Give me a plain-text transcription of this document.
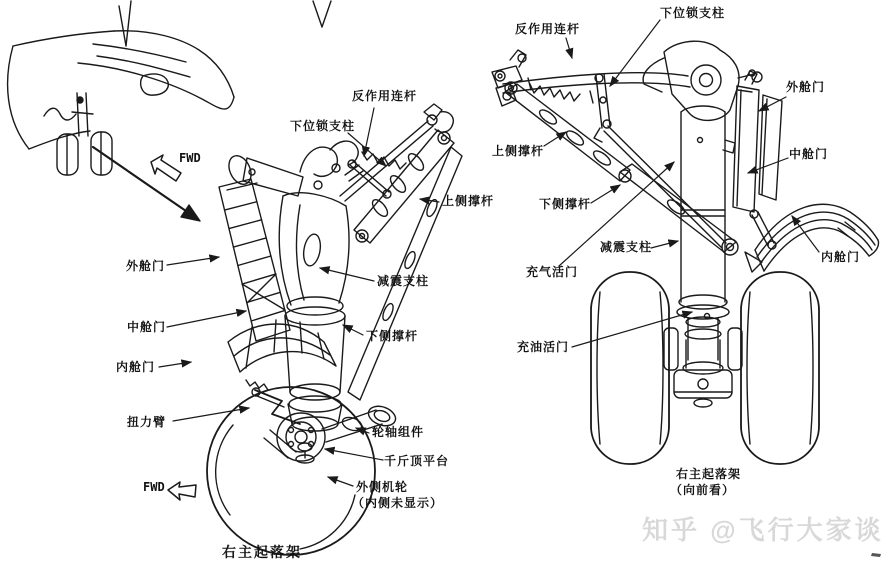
反作用连杆
下位锁支柱
上侧撑杆
外舱门
中舱门
内舱门
减震支柱
下侧撑杆
扭力臂
轮轴组件
千斤顶平台
外侧机轮
（内侧未显示）
右主起落架
FWD
FWD
下位锁支柱
反作用连杆
外舱门
上侧撑杆	中舱门
下侧撑杆
减震支柱
充气活门
内舱门
充油活门
右主起落架
（向前看）
知乎 @飞行大家谈
